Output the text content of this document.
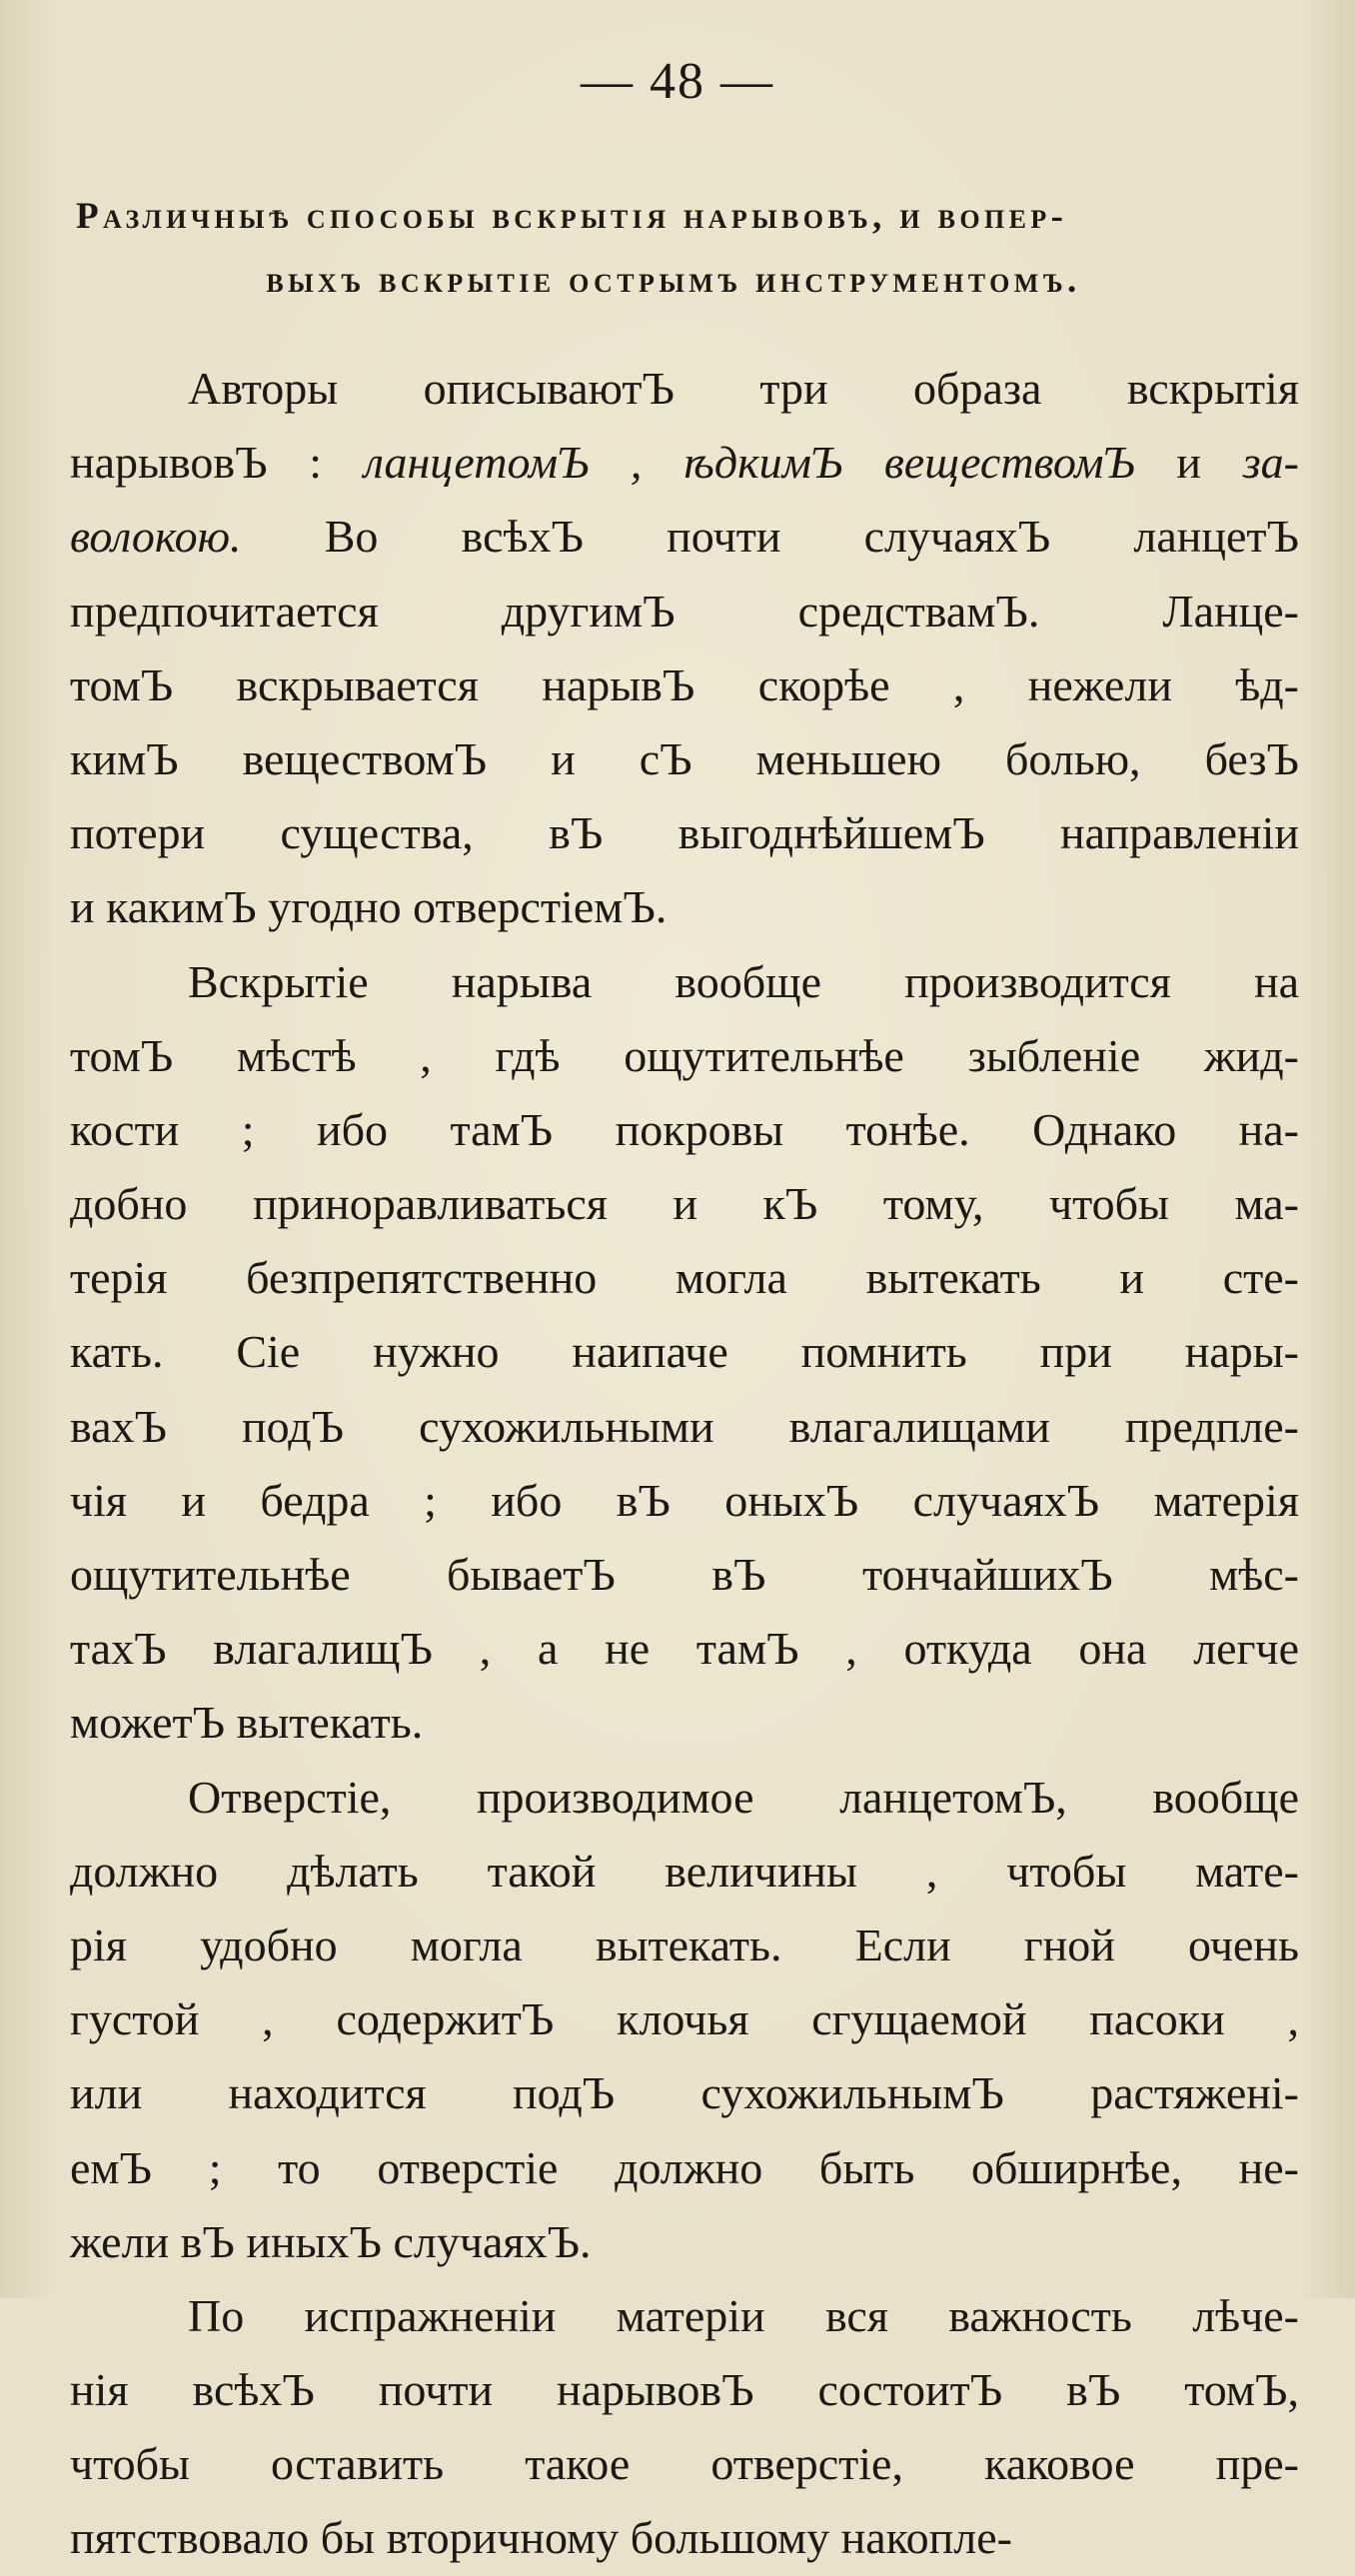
— 48 —
Различныѣ способы вскрытія нарывовъ, и вопер-
выхъ вскрытіе острымъ инструментомъ.
Авторы описываютЪ три образа вскрытія
нарывовЪ : ланцетомЪ , ѣдкимЪ веществомЪ и за-
волокою. Во всѣхЪ почти случаяхЪ ланцетЪ
предпочитается другимЪ средствамЪ. Ланце-
томЪ вскрывается нарывЪ скорѣе , нежели ѣд-
кимЪ веществомЪ и сЪ меньшею болью, безЪ
потери существа, вЪ выгоднѣйшемЪ направленіи
и какимЪ угодно отверстіемЪ.
Вскрытіе нарыва вообще производится на
томЪ мѣстѣ , гдѣ ощутительнѣе зыбленіе жид-
кости ; ибо тамЪ покровы тонѣе. Однако на-
добно приноравливаться и кЪ тому, чтобы ма-
терія безпрепятственно могла вытекать и сте-
кать. Сіе нужно наипаче помнить при нары-
вахЪ подЪ сухожильными влагалищами предпле-
чія и бедра ; ибо вЪ оныхЪ случаяхЪ матерія
ощутительнѣе бываетЪ вЪ тончайшихЪ мѣс-
тахЪ влагалищЪ , а не тамЪ , откуда она легче
можетЪ вытекать.
Отверстіе, производимое ланцетомЪ, вообще
должно дѣлать такой величины , чтобы мате-
рія удобно могла вытекать. Если гной очень
густой , содержитЪ клочья сгущаемой пасоки ,
или находится подЪ сухожильнымЪ растяжені-
емЪ ; то отверстіе должно быть обширнѣе, не-
жели вЪ иныхЪ случаяхЪ.
По испражненіи матеріи вся важность лѣче-
нія всѣхЪ почти нарывовЪ состоитЪ вЪ томЪ,
чтобы оставить такое отверстіе, каковое пре-
пятствовало бы вторичному большому накопле-
